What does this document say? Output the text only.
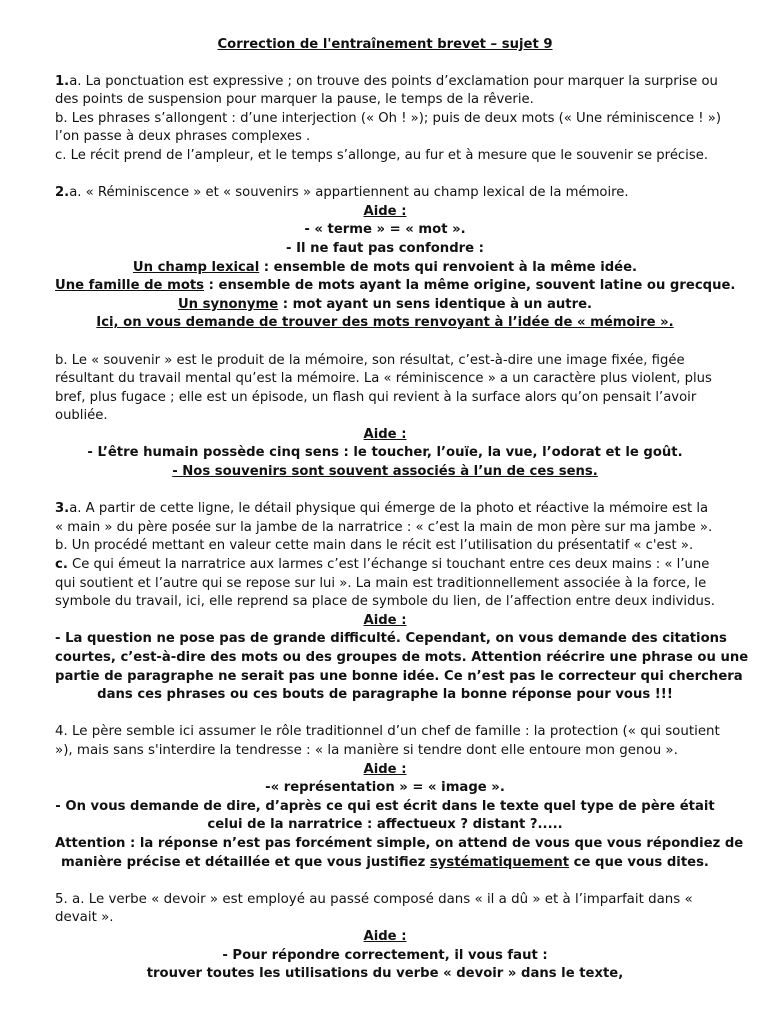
Correction de l'entraînement brevet – sujet 9

1.a. La ponctuation est expressive ; on trouve des points d’exclamation pour marquer la surprise ou

des points de suspension pour marquer la pause, le temps de la rêverie.

b. Les phrases s’allongent : d’une interjection (« Oh ! »); puis de deux mots (« Une réminiscence ! »)

l’on passe à deux phrases complexes .

c. Le récit prend de l’ampleur, et le temps s’allonge, au fur et à mesure que le souvenir se précise.

2.a. « Réminiscence » et « souvenirs » appartiennent au champ lexical de la mémoire.

Aide :

- « terme » = « mot ».

- Il ne faut pas confondre :

Un champ lexical : ensemble de mots qui renvoient à la même idée.

Une famille de mots : ensemble de mots ayant la même origine, souvent latine ou grecque.

Un synonyme : mot ayant un sens identique à un autre.

Ici, on vous demande de trouver des mots renvoyant à l’idée de « mémoire ».

b. Le « souvenir » est le produit de la mémoire, son résultat, c’est-à-dire une image fixée, figée

résultant du travail mental qu’est la mémoire. La « réminiscence » a un caractère plus violent, plus

bref, plus fugace ; elle est un épisode, un flash qui revient à la surface alors qu’on pensait l’avoir

oubliée.

Aide :

- L’être humain possède cinq sens : le toucher, l’ouïe, la vue, l’odorat et le goût.

- Nos souvenirs sont souvent associés à l’un de ces sens.

3.a. A partir de cette ligne, le détail physique qui émerge de la photo et réactive la mémoire est la

« main » du père posée sur la jambe de la narratrice : « c’est la main de mon père sur ma jambe ».

b. Un procédé mettant en valeur cette main dans le récit est l’utilisation du présentatif « c'est ».

c. Ce qui émeut la narratrice aux larmes c’est l’échange si touchant entre ces deux mains : « l’une

qui soutient et l’autre qui se repose sur lui ». La main est traditionnellement associée à la force, le

symbole du travail, ici, elle reprend sa place de symbole du lien, de l’affection entre deux individus.

Aide :

- La question ne pose pas de grande difficulté. Cependant, on vous demande des citations

courtes, c’est-à-dire des mots ou des groupes de mots. Attention réécrire une phrase ou une

partie de paragraphe ne serait pas une bonne idée. Ce n’est pas le correcteur qui cherchera

dans ces phrases ou ces bouts de paragraphe la bonne réponse pour vous !!!

4. Le père semble ici assumer le rôle traditionnel d’un chef de famille : la protection (« qui soutient

»), mais sans s'interdire la tendresse : « la manière si tendre dont elle entoure mon genou ».

Aide :

-« représentation » = « image ».

- On vous demande de dire, d’après ce qui est écrit dans le texte quel type de père était

celui de la narratrice : affectueux ? distant ?.....

Attention : la réponse n’est pas forcément simple, on attend de vous que vous répondiez de

manière précise et détaillée et que vous justifiez systématiquement ce que vous dites.

5. a. Le verbe « devoir » est employé au passé composé dans « il a dû » et à l’imparfait dans «

devait ».

Aide :

- Pour répondre correctement, il vous faut :

trouver toutes les utilisations du verbe « devoir » dans le texte,
